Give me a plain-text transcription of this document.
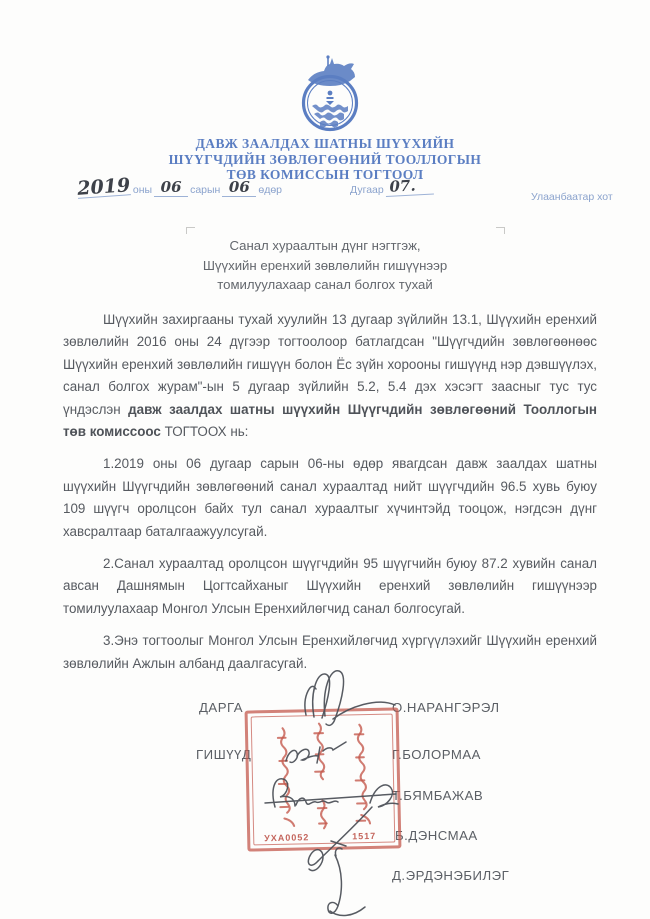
ДАВЖ ЗААЛДАХ ШАТНЫ ШҮҮХИЙН
ШҮҮГЧДИЙН ЗӨВЛӨГӨӨНИЙ ТООЛЛОГЫН
ТӨВ КОМИССЫН ТОГТООЛ
2019 оны 06 сарын 06 өдөр	Дугаар 07.
Улаанбаатар хот
Санал хураалтын дүнг нэгтгэж,
Шүүхийн еренхий зөвлөлийн гишүүнээр
томилуулахаар санал болгох тухай

Шүүхийн захиргааны тухай хуулийн 13 дугаар зүйлийн 13.1, Шүүхийн еренхий зөвлөлийн 2016 оны 24 дүгээр тогтоолоор батлагдсан "Шүүгчдийн зөвлөгөөнөөс Шүүхийн еренхий зөвлөлийн гишүүн болон Ёс зүйн хорооны гишүүнд нэр дэвшүүлэх, санал болгох журам"-ын 5 дугаар зүйлийн 5.2, 5.4 дэх хэсэгт заасныг тус тус үндэслэн давж заалдах шатны шүүхийн Шүүгчдийн зөвлөгөөний Тооллогын төв комиссоос ТОГТООХ нь:

1.2019 оны 06 дугаар сарын 06-ны өдөр явагдсан давж заалдах шатны шүүхийн Шүүгчдийн зөвлөгөөний санал хураалтад нийт шүүгчдийн 96.5 хувь буюу 109 шүүгч оролцсон байх тул санал хураалтыг хүчинтэйд тооцож, нэгдсэн дүнг хавсралтаар баталгаажуулсугай.

2.Санал хураалтад оролцсон шүүгчдийн 95 шүүгчийн буюу 87.2 хувийн санал авсан Дашнямын Цогтсайханыг Шүүхийн еренхий зөвлөлийн гишүүнээр томилуулахаар Монгол Улсын Еренхийлөгчид санал болгосугай.

3.Энэ тогтоолыг Монгол Улсын Еренхийлөгчид хүргүүлэхийг Шүүхийн еренхий зөвлөлийн Ажлын албанд даалгасугай.

ДАРГА	О.НАРАНГЭРЭЛ
ГИШҮҮД	Г.БОЛОРМАА
Т.БЯМБАЖАВ
Б.ДЭНСМАА
Д.ЭРДЭНЭБИЛЭГ
УХА0052	1517
